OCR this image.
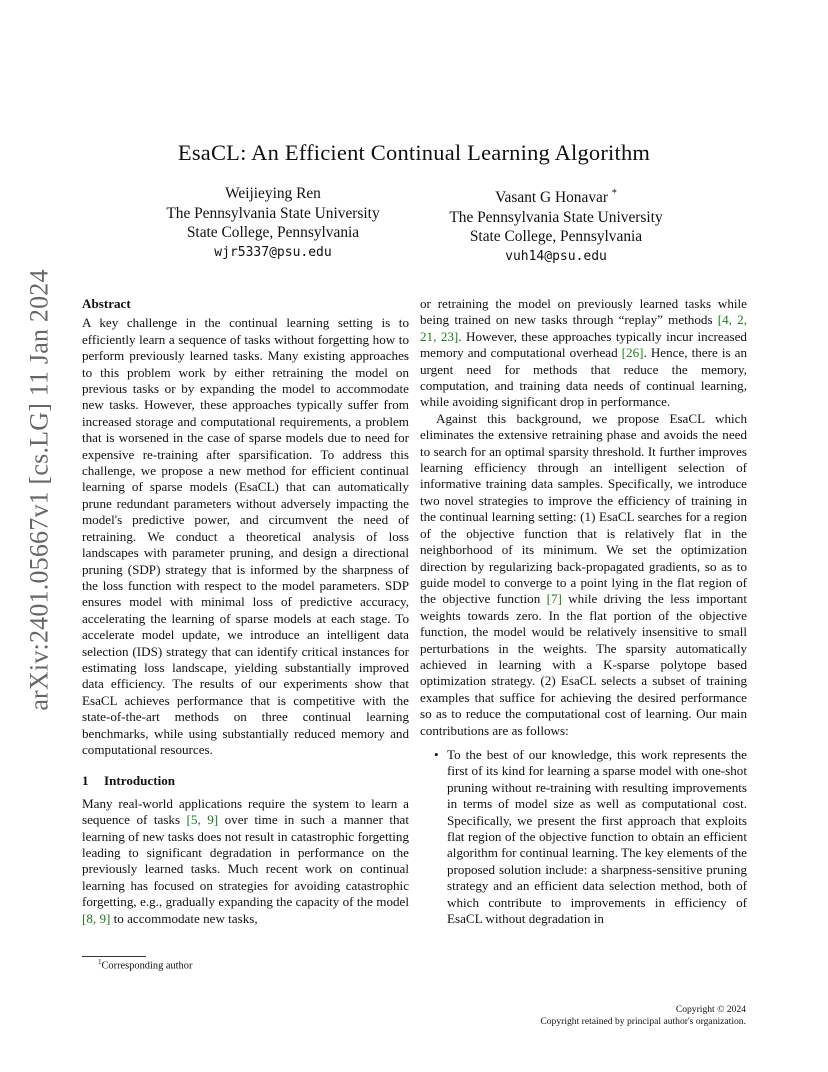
arXiv:2401.05667v1 [cs.LG] 11 Jan 2024
EsaCL: An Efficient Continual Learning Algorithm
Weijieying Ren
The Pennsylvania State University
State College, Pennsylvania
wjr5337@psu.edu
Vasant G Honavar *
The Pennsylvania State University
State College, Pennsylvania
vuh14@psu.edu
Abstract

A key challenge in the continual learning setting is to efficiently learn a sequence of tasks without forgetting how to perform previously learned tasks. Many existing approaches to this problem work by either retraining the model on previous tasks or by expanding the model to accommodate new tasks. However, these approaches typically suffer from increased storage and computational requirements, a problem that is worsened in the case of sparse models due to need for expensive re-training after sparsification. To address this challenge, we propose a new method for efficient continual learning of sparse models (EsaCL) that can automatically prune redundant parameters without adversely impacting the model's predictive power, and circumvent the need of retraining. We conduct a theoretical analysis of loss landscapes with parameter pruning, and design a directional pruning (SDP) strategy that is informed by the sharpness of the loss function with respect to the model parameters. SDP ensures model with minimal loss of predictive accuracy, accelerating the learning of sparse models at each stage. To accelerate model update, we introduce an intelligent data selection (IDS) strategy that can identify critical instances for estimating loss landscape, yielding substantially improved data efficiency. The results of our experiments show that EsaCL achieves performance that is competitive with the state-of-the-art methods on three continual learning benchmarks, while using substantially reduced memory and computational resources.

1 Introduction

Many real-world applications require the system to learn a sequence of tasks [5, 9] over time in such a manner that learning of new tasks does not result in catastrophic forgetting leading to significant degradation in performance on the previously learned tasks. Much recent work on continual learning has focused on strategies for avoiding catastrophic forgetting, e.g., gradually expanding the capacity of the model [8, 9] to accommodate new tasks,

or retraining the model on previously learned tasks while being trained on new tasks through “replay” methods [4, 2, 21, 23]. However, these approaches typically incur increased memory and computational overhead [26]. Hence, there is an urgent need for methods that reduce the memory, computation, and training data needs of continual learning, while avoiding significant drop in performance.

Against this background, we propose EsaCL which eliminates the extensive retraining phase and avoids the need to search for an optimal sparsity threshold. It further improves learning efficiency through an intelligent selection of informative training data samples. Specifically, we introduce two novel strategies to improve the efficiency of training in the continual learning setting: (1) EsaCL searches for a region of the objective function that is relatively flat in the neighborhood of its minimum. We set the optimization direction by regularizing back-propagated gradients, so as to guide model to converge to a point lying in the flat region of the objective function [7] while driving the less important weights towards zero. In the flat portion of the objective function, the model would be relatively insensitive to small perturbations in the weights. The sparsity automatically achieved in learning with a K-sparse polytope based optimization strategy. (2) EsaCL selects a subset of training examples that suffice for achieving the desired performance so as to reduce the computational cost of learning. Our main contributions are as follows:

• To the best of our knowledge, this work represents the first of its kind for learning a sparse model with one-shot pruning without re-training with resulting improvements in terms of model size as well as computational cost. Specifically, we present the first approach that exploits flat region of the objective function to obtain an efficient algorithm for continual learning. The key elements of the proposed solution include: a sharpness-sensitive pruning strategy and an efficient data selection method, both of which contribute to improvements in efficiency of EsaCL without degradation in
$^1$Corresponding author
Copyright © 2024
Copyright retained by principal author's organization.
